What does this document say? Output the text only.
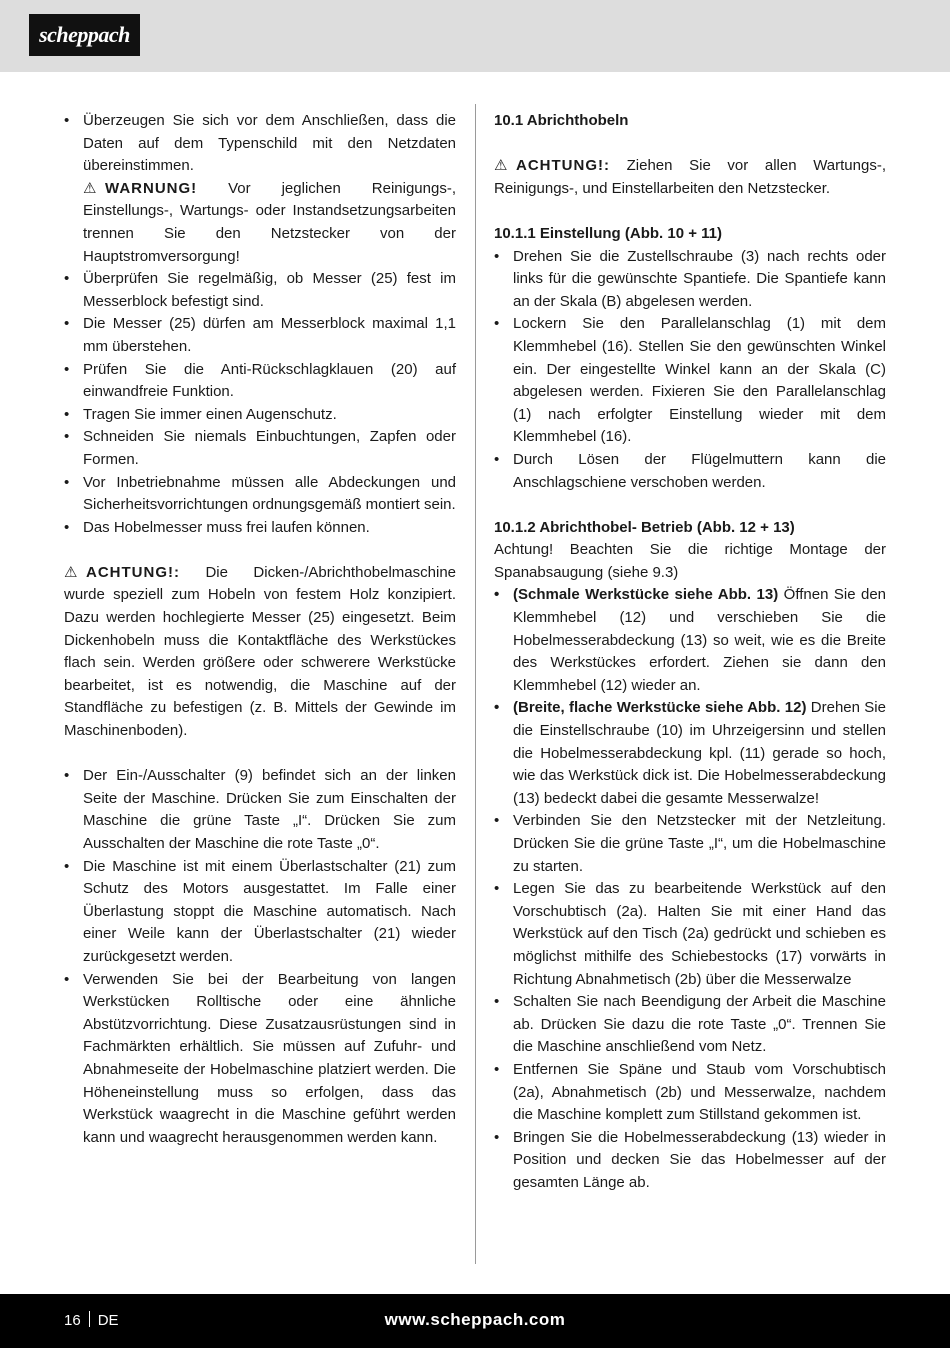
scheppach
• Überzeugen Sie sich vor dem Anschließen, dass die Daten auf dem Typenschild mit den Netzdaten übereinstimmen.

⚠ WARNUNG! Vor jeglichen Reinigungs-, Einstellungs-, Wartungs- oder Instandsetzungsarbeiten trennen Sie den Netzstecker von der Hauptstromversorgung!

• Überprüfen Sie regelmäßig, ob Messer (25) fest im Messerblock befestigt sind.
• Die Messer (25) dürfen am Messerblock maximal 1,1 mm überstehen.
• Prüfen Sie die Anti-Rückschlagklauen (20) auf einwandfreie Funktion.
• Tragen Sie immer einen Augenschutz.
• Schneiden Sie niemals Einbuchtungen, Zapfen oder Formen.
• Vor Inbetriebnahme müssen alle Abdeckungen und Sicherheitsvorrichtungen ordnungsgemäß montiert sein.
• Das Hobelmesser muss frei laufen können.

⚠ ACHTUNG!: Die Dicken-/Abrichthobelmaschine wurde speziell zum Hobeln von festem Holz konzipiert. Dazu werden hochlegierte Messer (25) eingesetzt. Beim Dickenhobeln muss die Kontaktfläche des Werkstückes flach sein. Werden größere oder schwerere Werkstücke bearbeitet, ist es notwendig, die Maschine auf der Standfläche zu befestigen (z. B. Mittels der Gewinde im Maschinenboden).

• Der Ein-/Ausschalter (9) befindet sich an der linken Seite der Maschine. Drücken Sie zum Einschalten der Maschine die grüne Taste „I“. Drücken Sie zum Ausschalten der Maschine die rote Taste „0“.
• Die Maschine ist mit einem Überlastschalter (21) zum Schutz des Motors ausgestattet. Im Falle einer Überlastung stoppt die Maschine automatisch. Nach einer Weile kann der Überlastschalter (21) wieder zurückgesetzt werden.
• Verwenden Sie bei der Bearbeitung von langen Werkstücken Rolltische oder eine ähnliche Abstützvorrichtung. Diese Zusatzausrüstungen sind in Fachmärkten erhältlich. Sie müssen auf Zufuhr- und Abnahmeseite der Hobelmaschine platziert werden. Die Höheneinstellung muss so erfolgen, dass das Werkstück waagrecht in die Maschine geführt werden kann und waagrecht herausgenommen werden kann.

10.1 Abrichthobeln

⚠ ACHTUNG!: Ziehen Sie vor allen Wartungs-, Reinigungs-, und Einstellarbeiten den Netzstecker.

10.1.1 Einstellung (Abb. 10 + 11)

• Drehen Sie die Zustellschraube (3) nach rechts oder links für die gewünschte Spantiefe. Die Spantiefe kann an der Skala (B) abgelesen werden.
• Lockern Sie den Parallelanschlag (1) mit dem Klemmhebel (16). Stellen Sie den gewünschten Winkel ein. Der eingestellte Winkel kann an der Skala (C) abgelesen werden. Fixieren Sie den Parallelanschlag (1) nach erfolgter Einstellung wieder mit dem Klemmhebel (16).
• Durch Lösen der Flügelmuttern kann die Anschlagschiene verschoben werden.

10.1.2 Abrichthobel- Betrieb (Abb. 12 + 13)

Achtung! Beachten Sie die richtige Montage der Spanabsaugung (siehe 9.3)

• (Schmale Werkstücke siehe Abb. 13) Öffnen Sie den Klemmhebel (12) und verschieben Sie die Hobelmesserabdeckung (13) so weit, wie es die Breite des Werkstückes erfordert. Ziehen sie dann den Klemmhebel (12) wieder an.
• (Breite, flache Werkstücke siehe Abb. 12) Drehen Sie die Einstellschraube (10) im Uhrzeigersinn und stellen die Hobelmesserabdeckung kpl. (11) gerade so hoch, wie das Werkstück dick ist. Die Hobelmesserabdeckung (13) bedeckt dabei die gesamte Messerwalze!
• Verbinden Sie den Netzstecker mit der Netzleitung. Drücken Sie die grüne Taste „I“, um die Hobelmaschine zu starten.
• Legen Sie das zu bearbeitende Werkstück auf den Vorschubtisch (2a). Halten Sie mit einer Hand das Werkstück auf den Tisch (2a) gedrückt und schieben es möglichst mithilfe des Schiebestocks (17) vorwärts in Richtung Abnahmetisch (2b) über die Messerwalze
• Schalten Sie nach Beendigung der Arbeit die Maschine ab. Drücken Sie dazu die rote Taste „0“. Trennen Sie die Maschine anschließend vom Netz.
• Entfernen Sie Späne und Staub vom Vorschubtisch (2a), Abnahmetisch (2b) und Messerwalze, nachdem die Maschine komplett zum Stillstand gekommen ist.
• Bringen Sie die Hobelmesserabdeckung (13) wieder in Position und decken Sie das Hobelmesser auf der gesamten Länge ab.
16 DE	www.scheppach.com
